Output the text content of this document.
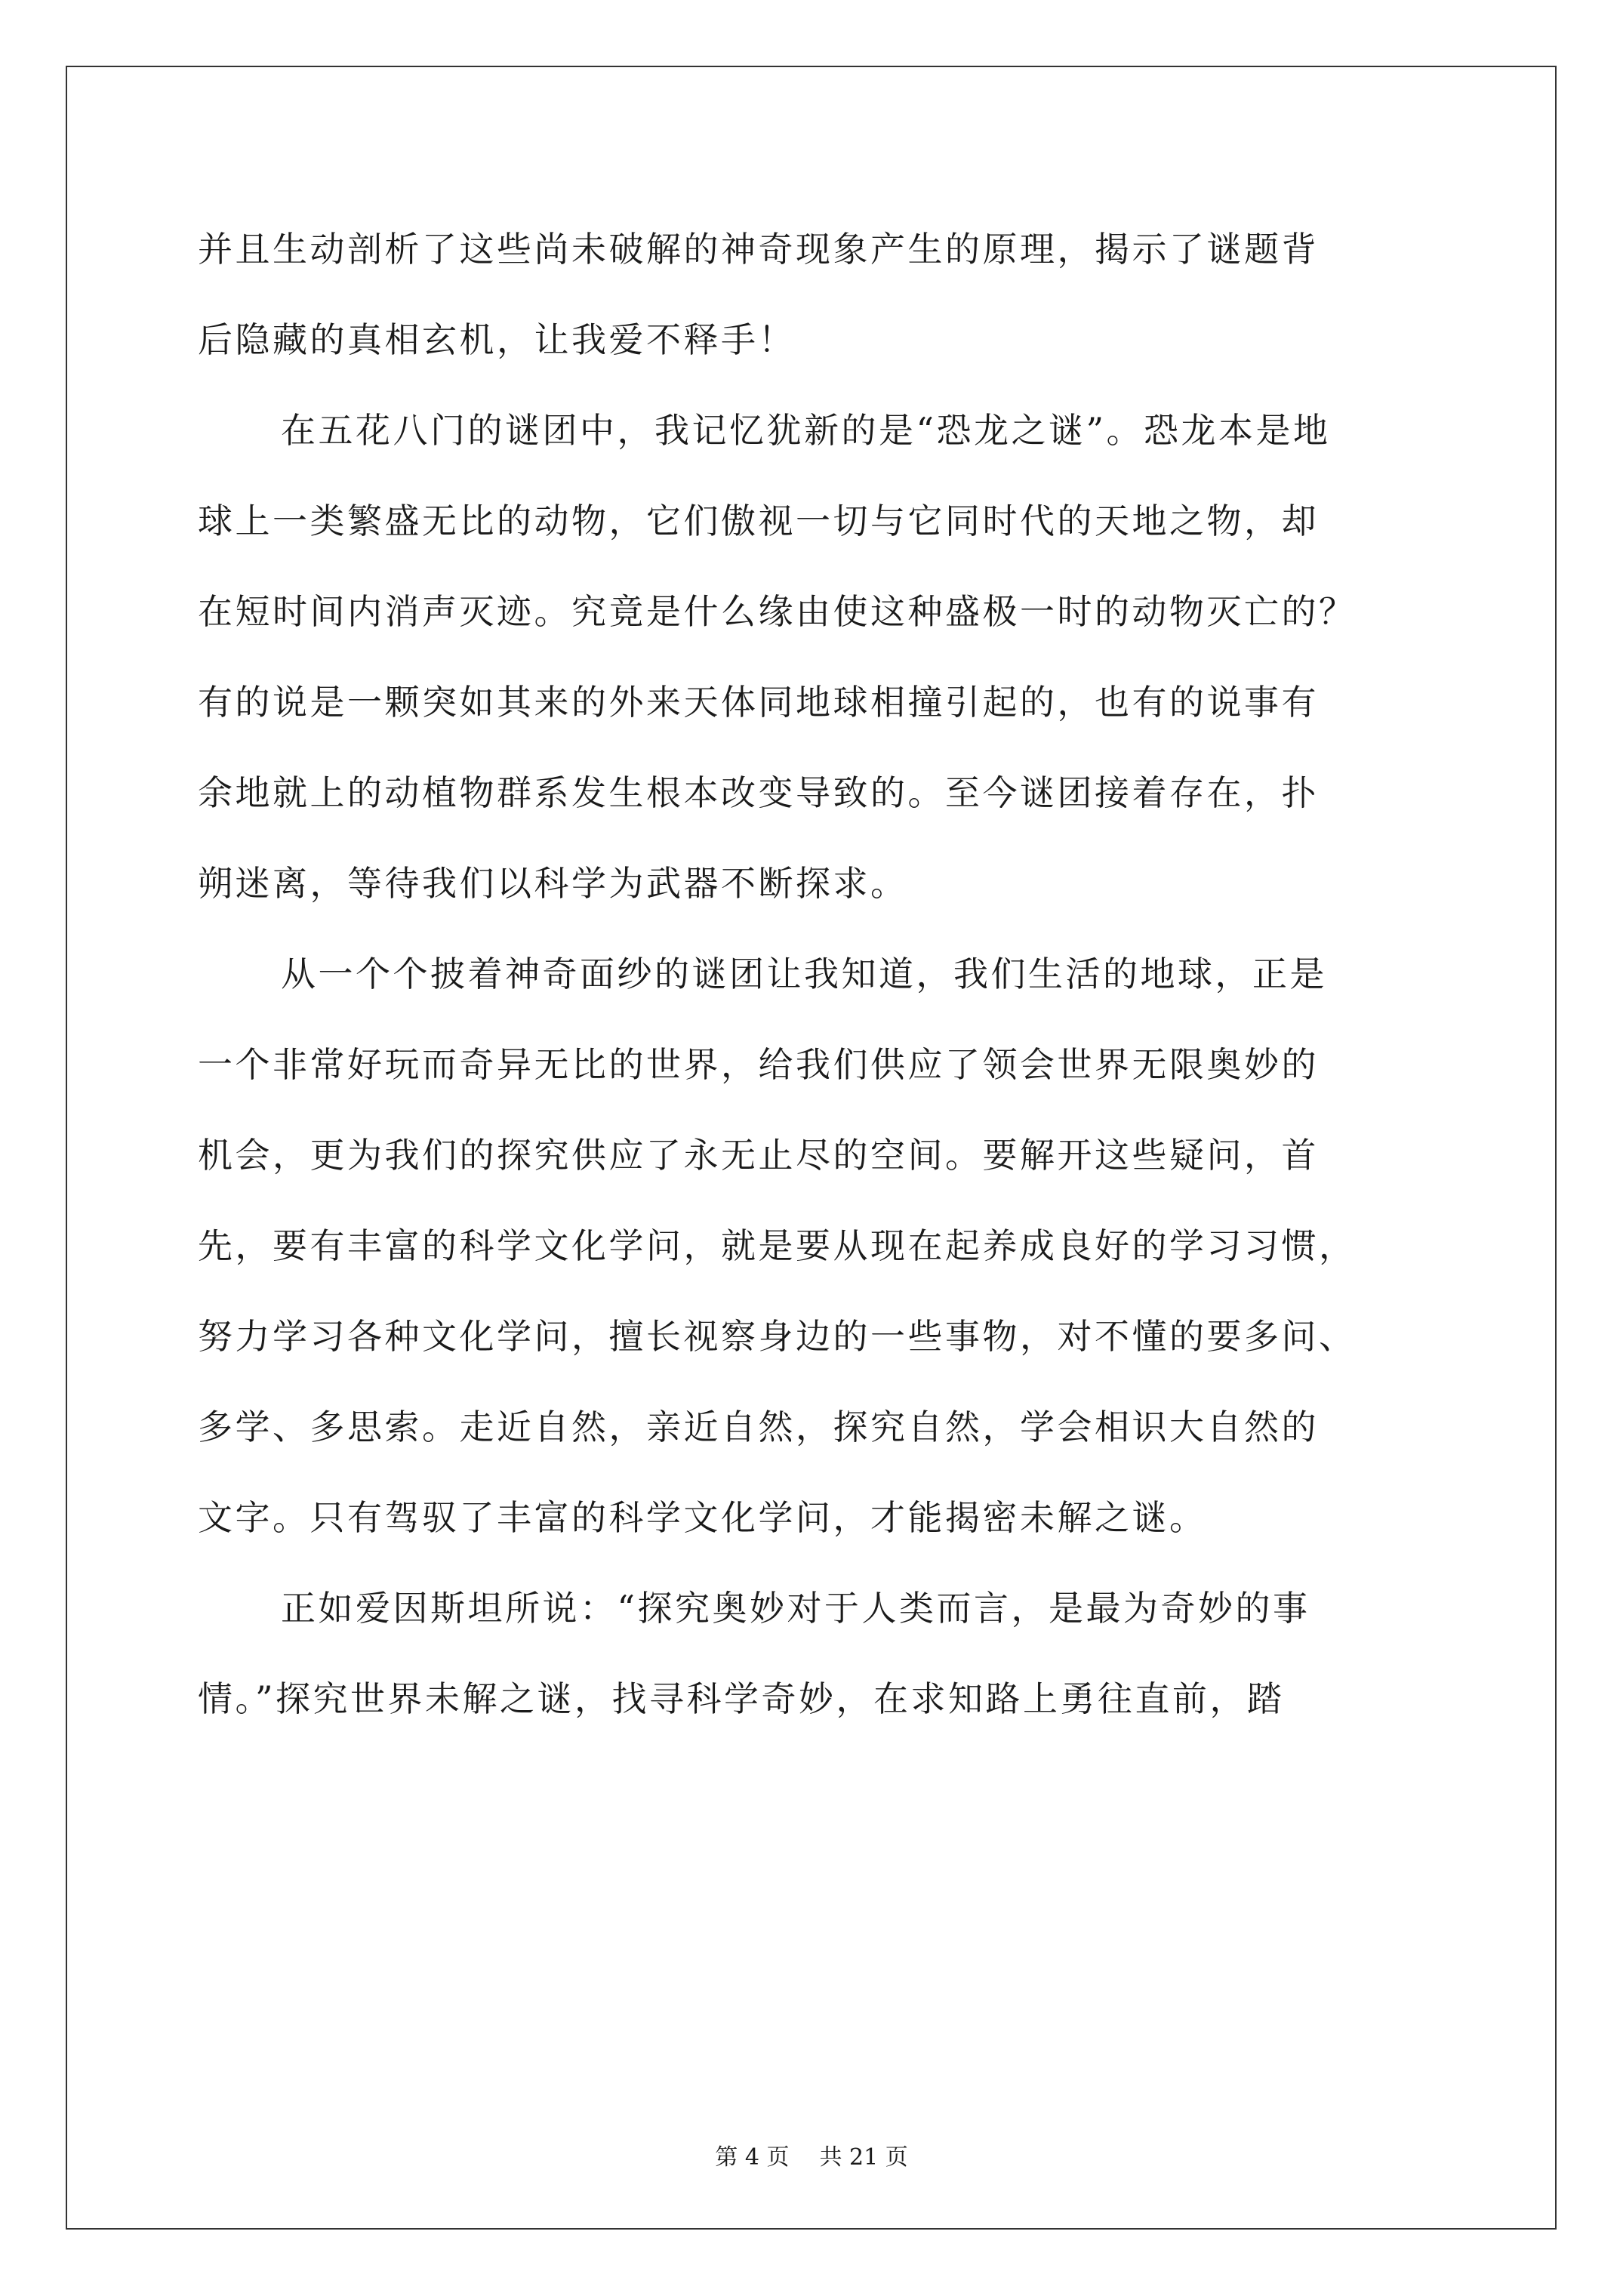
并且生动剖析了这些尚未破解的神奇现象产生的原理，揭示了谜题背
后隐藏的真相玄机，让我爱不释手！
在五花八门的谜团中，我记忆犹新的是“恐龙之谜”。恐龙本是地
球上一类繁盛无比的动物，它们傲视一切与它同时代的天地之物，却
在短时间内消声灭迹。究竟是什么缘由使这种盛极一时的动物灭亡的？
有的说是一颗突如其来的外来天体同地球相撞引起的，也有的说事有
余地就上的动植物群系发生根本改变导致的。至今谜团接着存在，扑
朔迷离，等待我们以科学为武器不断探求。
从一个个披着神奇面纱的谜团让我知道，我们生活的地球，正是
一个非常好玩而奇异无比的世界，给我们供应了领会世界无限奥妙的
机会，更为我们的探究供应了永无止尽的空间。要解开这些疑问，首
先，要有丰富的科学文化学问，就是要从现在起养成良好的学习习惯，
努力学习各种文化学问，擅长视察身边的一些事物，对不懂的要多问、
多学、多思索。走近自然，亲近自然，探究自然，学会相识大自然的
文字。只有驾驭了丰富的科学文化学问，才能揭密未解之谜。
正如爱因斯坦所说：“探究奥妙对于人类而言，是最为奇妙的事
情。”探究世界未解之谜，找寻科学奇妙，在求知路上勇往直前，踏
第 4 页 共 21 页
